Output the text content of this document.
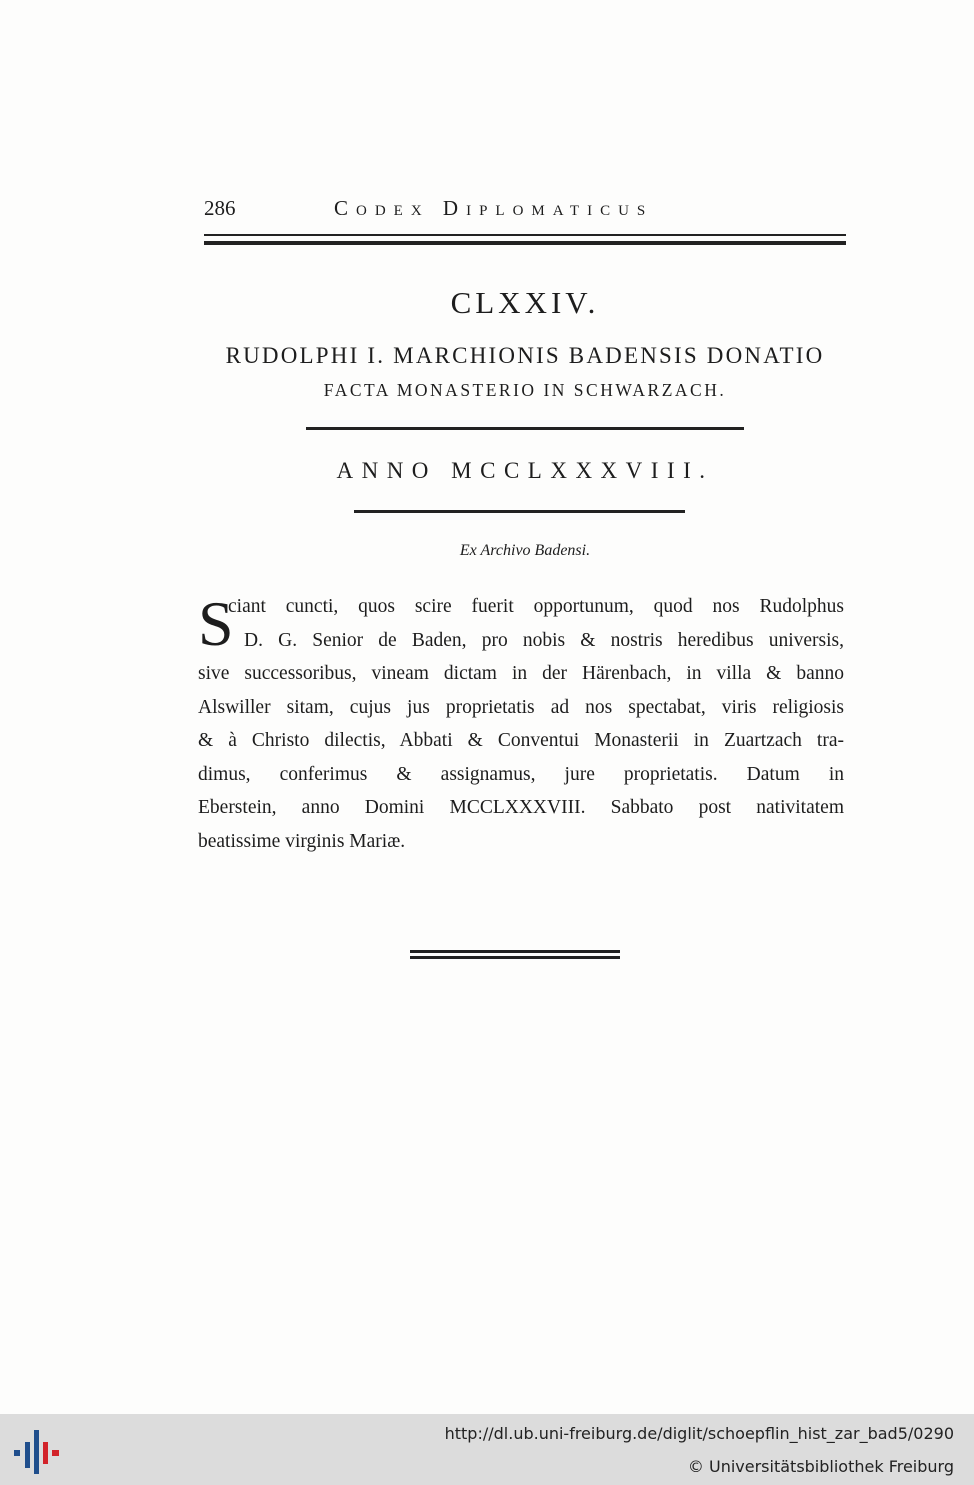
286	Codex Diplomaticus
CLXXIV.
RUDOLPHI I. MARCHIONIS BADENSIS DONATIO
FACTA MONASTERIO IN SCHWARZACH.
ANNO MCCLXXXVIII.
Ex Archivo Badensi.
S
ciant cuncti, quos scire fuerit opportunum, quod nos Rudolphus
D. G. Senior de Baden, pro nobis & nostris heredibus universis,
sive successoribus, vineam dictam in der Härenbach, in villa & banno
Alswiller sitam, cujus jus proprietatis ad nos spectabat, viris religiosis
& à Christo dilectis, Abbati & Conventui Monasterii in Zuartzach tra-
dimus, conferimus & assignamus, jure proprietatis. Datum in
Eberstein, anno Domini MCCLXXXVIII. Sabbato post nativitatem
beatissime virginis Mariæ.
http://dl.ub.uni-freiburg.de/diglit/schoepflin_hist_zar_bad5/0290
© Universitätsbibliothek Freiburg
